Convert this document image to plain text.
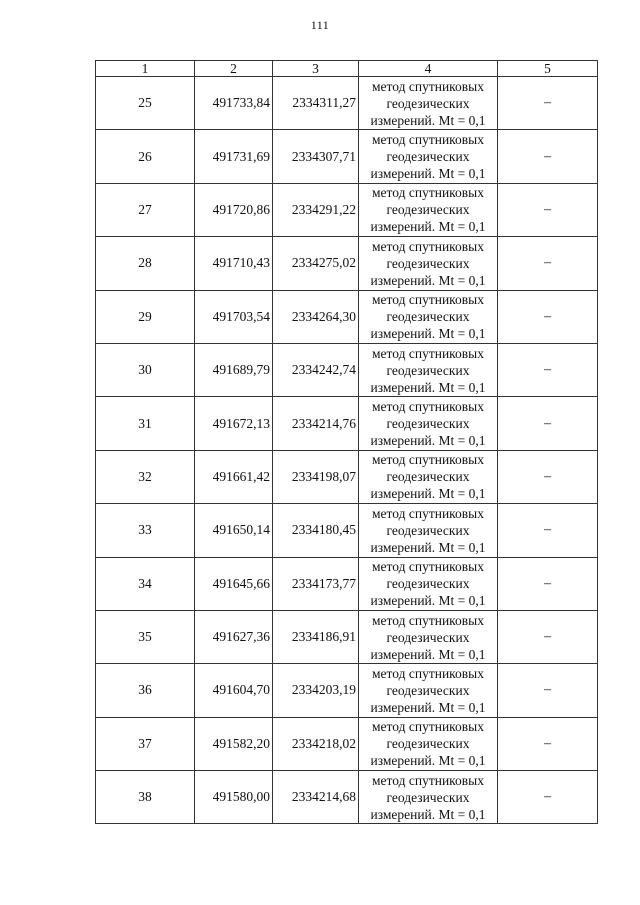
111
1	2	3	4	5
25	491733,84	2334311,27	метод спутниковых
геодезических
измерений. Mt = 0,1	–
26	491731,69	2334307,71	метод спутниковых
геодезических
измерений. Mt = 0,1	–
27	491720,86	2334291,22	метод спутниковых
геодезических
измерений. Mt = 0,1	–
28	491710,43	2334275,02	метод спутниковых
геодезических
измерений. Mt = 0,1	–
29	491703,54	2334264,30	метод спутниковых
геодезических
измерений. Mt = 0,1	–
30	491689,79	2334242,74	метод спутниковых
геодезических
измерений. Mt = 0,1	–
31	491672,13	2334214,76	метод спутниковых
геодезических
измерений. Mt = 0,1	–
32	491661,42	2334198,07	метод спутниковых
геодезических
измерений. Mt = 0,1	–
33	491650,14	2334180,45	метод спутниковых
геодезических
измерений. Mt = 0,1	–
34	491645,66	2334173,77	метод спутниковых
геодезических
измерений. Mt = 0,1	–
35	491627,36	2334186,91	метод спутниковых
геодезических
измерений. Mt = 0,1	–
36	491604,70	2334203,19	метод спутниковых
геодезических
измерений. Mt = 0,1	–
37	491582,20	2334218,02	метод спутниковых
геодезических
измерений. Mt = 0,1	–
38	491580,00	2334214,68	метод спутниковых
геодезических
измерений. Mt = 0,1	–
